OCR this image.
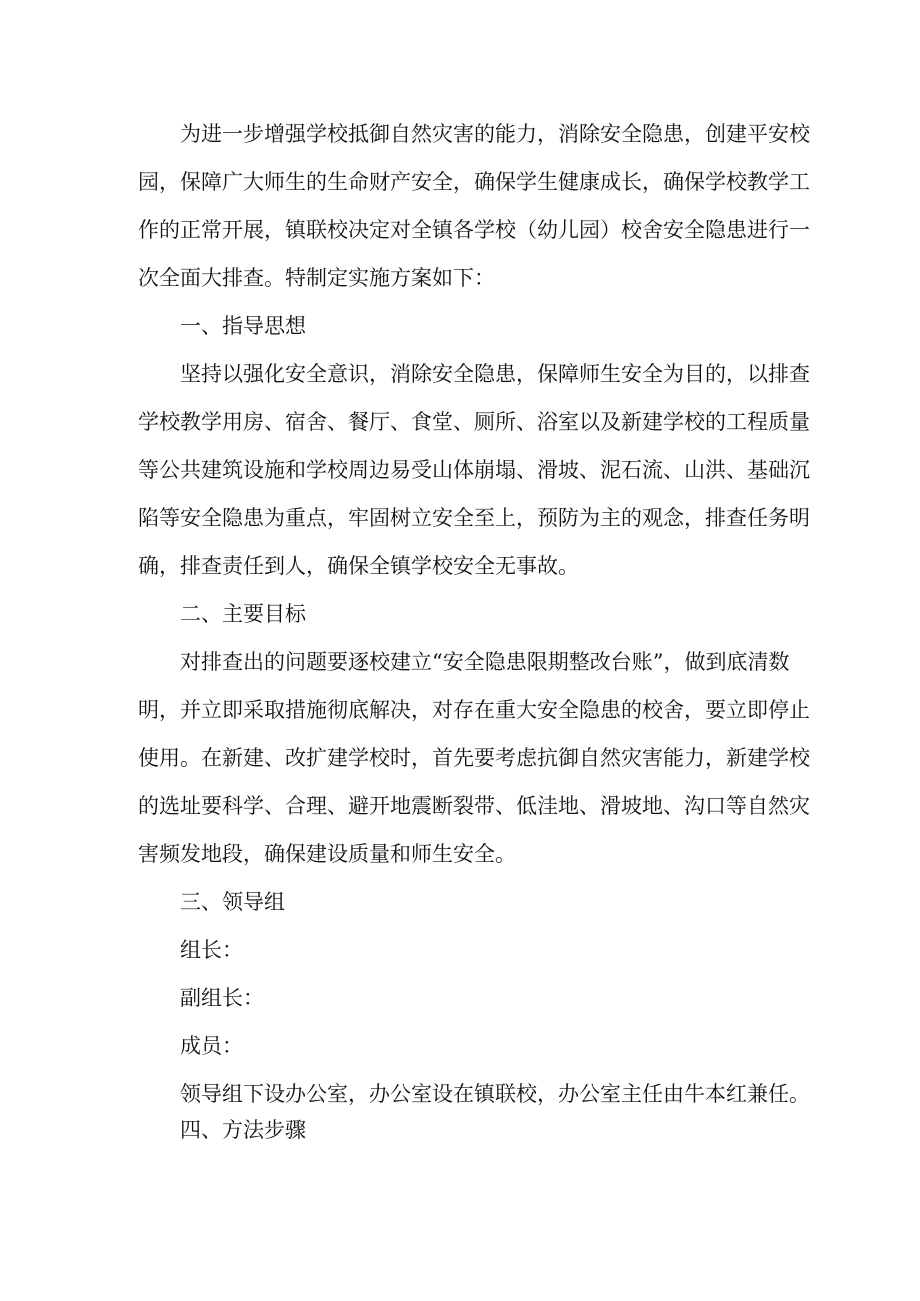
为进一步增强学校抵御自然灾害的能力，消除安全隐患，创建平安校
园，保障广大师生的生命财产安全，确保学生健康成长，确保学校教学工
作的正常开展，镇联校决定对全镇各学校（幼儿园）校舍安全隐患进行一
次全面大排查。特制定实施方案如下：
一、指导思想
坚持以强化安全意识，消除安全隐患，保障师生安全为目的，以排查
学校教学用房、宿舍、餐厅、食堂、厕所、浴室以及新建学校的工程质量
等公共建筑设施和学校周边易受山体崩塌、滑坡、泥石流、山洪、基础沉
陷等安全隐患为重点，牢固树立安全至上，预防为主的观念，排查任务明
确，排查责任到人，确保全镇学校安全无事故。
二、主要目标
对排查出的问题要逐校建立“安全隐患限期整改台账”，做到底清数
明，并立即采取措施彻底解决，对存在重大安全隐患的校舍，要立即停止
使用。在新建、改扩建学校时，首先要考虑抗御自然灾害能力，新建学校
的选址要科学、合理、避开地震断裂带、低洼地、滑坡地、沟口等自然灾
害频发地段，确保建设质量和师生安全。
三、领导组
组长：
副组长：
成员：
领导组下设办公室，办公室设在镇联校，办公室主任由牛本红兼任。
四、方法步骤
